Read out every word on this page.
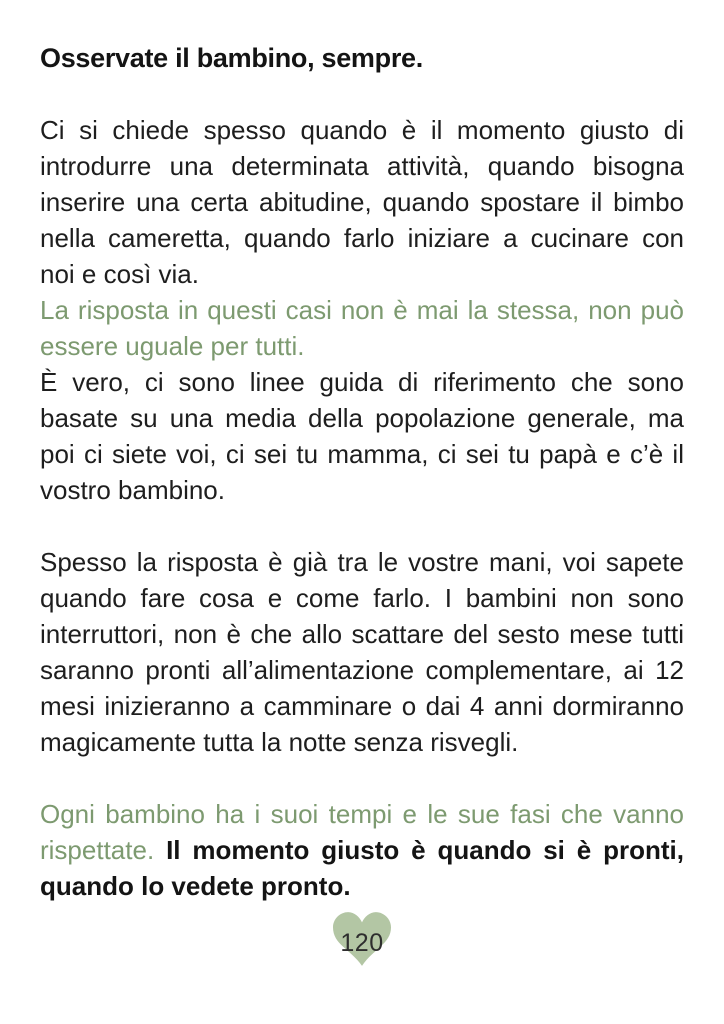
Osservate il bambino, sempre.

Ci si chiede spesso quando è il momento giusto di introdurre una determinata attività, quando bisogna inserire una certa abitudine, quando spostare il bimbo nella cameretta, quando farlo iniziare a cucinare con noi e così via.

La risposta in questi casi non è mai la stessa, non può essere uguale per tutti.

È vero, ci sono linee guida di riferimento che sono basate su una media della popolazione generale, ma poi ci siete voi, ci sei tu mamma, ci sei tu papà e c’è il vostro bambino.

Spesso la risposta è già tra le vostre mani, voi sapete quando fare cosa e come farlo. I bambini non sono interruttori, non è che allo scattare del sesto mese tutti saranno pronti all’alimentazione complementare, ai 12 mesi inizieranno a camminare o dai 4 anni dormiranno magicamente tutta la notte senza risvegli.

Ogni bambino ha i suoi tempi e le sue fasi che vanno rispettate. Il momento giusto è quando si è pronti, quando lo vedete pronto.

120
